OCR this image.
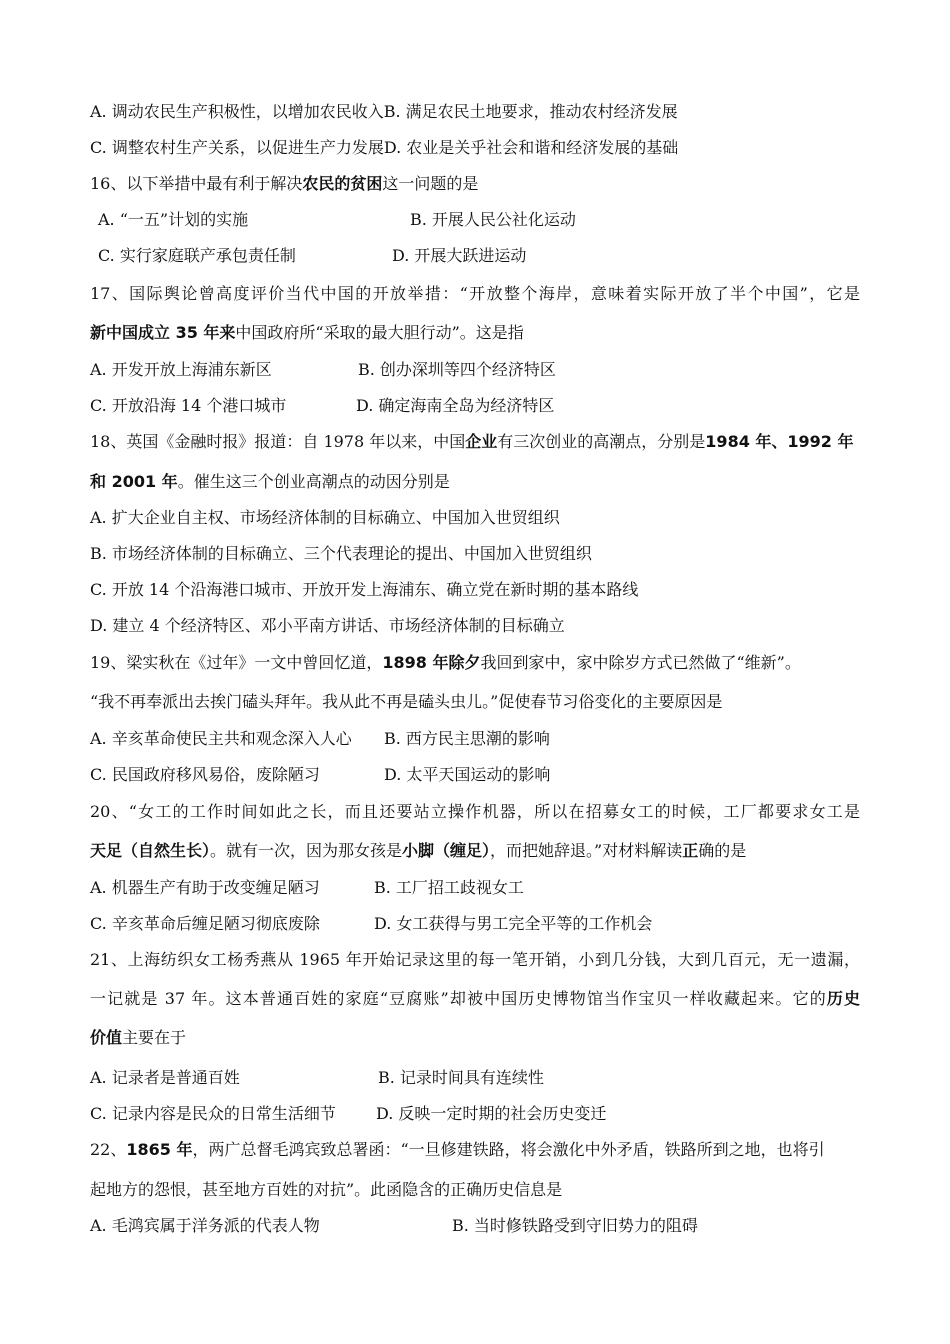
A. 调动农民生产积极性，以增加农民收入B. 满足农民土地要求，推动农村经济发展
C. 调整农村生产关系，以促进生产力发展D. 农业是关乎社会和谐和经济发展的基础
16、以下举措中最有利于解决农民的贫困这一问题的是
A. “一五”计划的实施	B. 开展人民公社化运动
C. 实行家庭联产承包责任制	D. 开展大跃进运动
17、国际舆论曾高度评价当代中国的开放举措：“开放整个海岸，意味着实际开放了半个中国”，它是
新中国成立 35 年来中国政府所“采取的最大胆行动”。这是指
A. 开发开放上海浦东新区	B. 创办深圳等四个经济特区
C. 开放沿海 14 个港口城市	D. 确定海南全岛为经济特区
18、英国《金融时报》报道：自 1978 年以来，中国企业有三次创业的高潮点，分别是1984 年、1992 年
和 2001 年。催生这三个创业高潮点的动因分别是
A. 扩大企业自主权、市场经济体制的目标确立、中国加入世贸组织
B. 市场经济体制的目标确立、三个代表理论的提出、中国加入世贸组织
C. 开放 14 个沿海港口城市、开放开发上海浦东、确立党在新时期的基本路线
D. 建立 4 个经济特区、邓小平南方讲话、市场经济体制的目标确立
19、梁实秋在《过年》一文中曾回忆道，1898 年除夕我回到家中，家中除岁方式已然做了“维新”。
“我不再奉派出去挨门磕头拜年。我从此不再是磕头虫儿。”促使春节习俗变化的主要原因是
A. 辛亥革命使民主共和观念深入人心 B. 西方民主思潮的影响
C. 民国政府移风易俗，废除陋习	D. 太平天国运动的影响
20、“女工的工作时间如此之长，而且还要站立操作机器，所以在招募女工的时候，工厂都要求女工是
天足（自然生长）。就有一次，因为那女孩是小脚（缠足），而把她辞退。”对材料解读正确的是
A. 机器生产有助于改变缠足陋习	B. 工厂招工歧视女工
C. 辛亥革命后缠足陋习彻底废除	D. 女工获得与男工完全平等的工作机会
21、上海纺织女工杨秀燕从 1965 年开始记录这里的每一笔开销，小到几分钱，大到几百元，无一遗漏，
一记就是 37 年。这本普通百姓的家庭“豆腐账”却被中国历史博物馆当作宝贝一样收藏起来。它的历史
价值主要在于
A. 记录者是普通百姓	B. 记录时间具有连续性
C. 记录内容是民众的日常生活细节	D. 反映一定时期的社会历史变迁
22、1865 年，两广总督毛鸿宾致总署函：“一旦修建铁路，将会激化中外矛盾，铁路所到之地，也将引
起地方的怨恨，甚至地方百姓的对抗”。此函隐含的正确历史信息是
A. 毛鸿宾属于洋务派的代表人物	B. 当时修铁路受到守旧势力的阻碍
